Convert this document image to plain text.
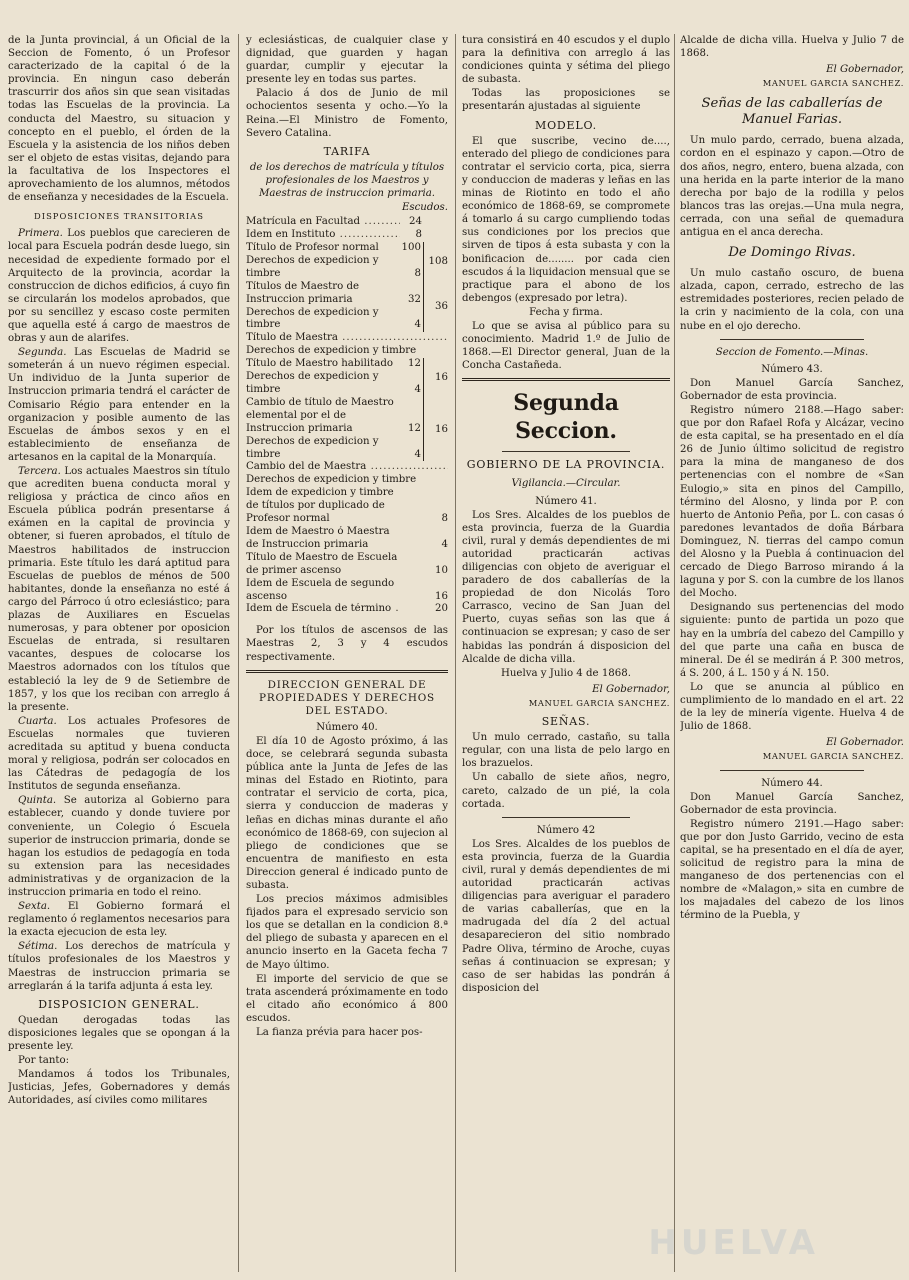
de la Junta provincial, á un Oficial de la Seccion de Fomento, ó un Profesor caracterizado de la capital ó de la provincia. En ningun caso deberán trascurrir dos años sin que sean visitadas todas las Escuelas de la provincia. La conducta del Maestro, su situacion y concepto en el pueblo, el órden de la Escuela y la asistencia de los niños deben ser el objeto de estas visitas, dejando para la facultativa de los Inspectores el aprovechamiento de los alumnos, métodos de enseñanza y necesidades de la Escuela.

DISPOSICIONES TRANSITORIAS

Primera. Los pueblos que carecieren de local para Escuela podrán desde luego, sin necesidad de expediente formado por el Arquitecto de la provincia, acordar la construccion de dichos edificios, á cuyo fin se circularán los modelos aprobados, que por su sencillez y escaso coste permiten que aquella esté á cargo de maestros de obras y aun de alarifes.

Segunda. Las Escuelas de Madrid se someterán á un nuevo régimen especial. Un individuo de la Junta superior de Instruccion primaria tendrá el carácter de Comisario Régio para entender en la organizacion y posible aumento de las Escuelas de ámbos sexos y en el establecimiento de enseñanza de artesanos en la capital de la Monarquía.

Tercera. Los actuales Maestros sin título que acrediten buena conducta moral y religiosa y práctica de cinco años en Escuela pública podrán presentarse á exámen en la capital de provincia y obtener, si fueren aprobados, el título de Maestros habilitados de instruccion primaria. Este título les dará aptitud para Escuelas de pueblos de ménos de 500 habitantes, donde la enseñanza no esté á cargo del Párroco ú otro eclesiástico; para plazas de Auxiliares en Escuelas numerosas, y para obtener por oposicion Escuelas de entrada, si resultaren vacantes, despues de colocarse los Maestros adornados con los títulos que estableció la ley de 9 de Setiembre de 1857, y los que los reciban con arreglo á la presente.

Cuarta. Los actuales Profesores de Escuelas normales que tuvieren acreditada su aptitud y buena conducta moral y religiosa, podrán ser colocados en las Cátedras de pedagogía de los Institutos de segunda enseñanza.

Quinta. Se autoriza al Gobierno para establecer, cuando y donde tuviere por conveniente, un Colegio ó Escuela superior de instruccion primaria, donde se hagan los estudios de pedagogía en toda su extension para las necesidades administrativas y de organizacion de la instruccion primaria en todo el reino.

Sexta. El Gobierno formará el reglamento ó reglamentos necesarios para la exacta ejecucion de esta ley.

Sétima. Los derechos de matrícula y títulos profesionales de los Maestros y Maestras de instruccion primaria se arreglarán á la tarifa adjunta á esta ley.

DISPOSICION GENERAL.

Quedan derogadas todas las disposiciones legales que se opongan á la presente ley.

Por tanto:

Mandamos á todos los Tribunales, Justicias, Jefes, Gobernadores y demás Autoridades, así civiles como militares

y eclesiásticas, de cualquier clase y dignidad, que guarden y hagan guardar, cumplir y ejecutar la presente ley en todas sus partes.

Palacio á dos de Junio de mil ochocientos sesenta y ocho.—Yo la Reina.—El Ministro de Fomento, Severo Catalina.

TARIFA

de los derechos de matrícula y títulos profesionales de los Maestros y Maestras de instruccion primaria.

Escudos.

Matrícula en Facultad .....	24
Idem en Instituto .....	8
Título de Profesor normal	100
Derechos de expedicion y timbre	8
108
Títulos de Maestro de Instruccion primaria	32
Derechos de expedicion y timbre	4
36
Título de Maestra .....
Derechos de expedicion y timbre
Título de Maestro habilitado	12
Derechos de expedicion y timbre	4
16
Cambio de título de Maestro elemental por el de Instruccion primaria	12
Derechos de expedicion y timbre	4
16
Cambio del de Maestra .....
Derechos de expedicion y timbre
Idem de expedicion y timbre de títulos por duplicado de Profesor normal	8
Idem de Maestro ó Maestra de Instruccion primaria	4
Título de Maestro de Escuela de primer ascenso	10
Idem de Escuela de segundo ascenso	16
Idem de Escuela de término .....	20

Por los títulos de ascensos de las Maestras 2, 3 y 4 escudos respectivamente.

DIRECCION GENERAL DE PROPIEDADES Y DERECHOS DEL ESTADO.

Número 40.

El día 10 de Agosto próximo, á las doce, se celebrará segunda subasta pública ante la Junta de Jefes de las minas del Estado en Riotinto, para contratar el servicio de corta, pica, sierra y conduccion de maderas y leñas en dichas minas durante el año económico de 1868-69, con sujecion al pliego de condiciones que se encuentra de manifiesto en esta Direccion general é indicado punto de subasta.

Los precios máximos admisibles fijados para el expresado servicio son los que se detallan en la condicion 8.ª del pliego de subasta y aparecen en el anuncio inserto en la Gaceta fecha 7 de Mayo último.

El importe del servicio de que se trata ascenderá próximamente en todo el citado año económico á 800 escudos.

La fianza prévia para hacer pos-

tura consistirá en 40 escudos y el duplo para la definitiva con arreglo á las condiciones quinta y sétima del pliego de subasta.

Todas las proposiciones se presentarán ajustadas al siguiente

MODELO.

El que suscribe, vecino de...., enterado del pliego de condiciones para contratar el servicio corta, pica, sierra y conduccion de maderas y leñas en las minas de Riotinto en todo el año económico de 1868-69, se compromete á tomarlo á su cargo cumpliendo todas sus condiciones por los precios que sirven de tipos á esta subasta y con la bonificacion de........ por cada cien escudos á la liquidacion mensual que se practique para el abono de los debengos (expresado por letra).

Fecha y firma.

Lo que se avisa al público para su conocimiento. Madrid 1.º de Julio de 1868.—El Director general, Juan de la Concha Castañeda.

Segunda Seccion.

GOBIERNO DE LA PROVINCIA.

Vigilancia.—Circular.

Número 41.

Los Sres. Alcaldes de los pueblos de esta provincia, fuerza de la Guardia civil, rural y demás dependientes de mi autoridad practicarán activas diligencias con objeto de averiguar el paradero de dos caballerías de la propiedad de don Nicolás Toro Carrasco, vecino de San Juan del Puerto, cuyas señas son las que á continuacion se expresan; y caso de ser habidas las pondrán á disposicion del Alcalde de dicha villa.

Huelva y Julio 4 de 1868.

El Gobernador,

MANUEL GARCIA SANCHEZ.

SEÑAS.

Un mulo cerrado, castaño, su talla regular, con una lista de pelo largo en los brazuelos.

Un caballo de siete años, negro, careto, calzado de un pié, la cola cortada.

Número 42

Los Sres. Alcaldes de los pueblos de esta provincia, fuerza de la Guardia civil, rural y demás dependientes de mi autoridad practicarán activas diligencias para averiguar el paradero de varias caballerías, que en la madrugada del día 2 del actual desaparecieron del sitio nombrado Padre Oliva, término de Aroche, cuyas señas á continuacion se expresan; y caso de ser habidas las pondrán á disposicion del

Alcalde de dicha villa. Huelva y Julio 7 de 1868.

El Gobernador,

MANUEL GARCIA SANCHEZ.

Señas de las caballerías de Manuel Farias.

Un mulo pardo, cerrado, buena alzada, cordon en el espinazo y capon.—Otro de dos años, negro, entero, buena alzada, con una herida en la parte interior de la mano derecha por bajo de la rodilla y pelos blancos tras las orejas.—Una mula negra, cerrada, con una señal de quemadura antigua en el anca derecha.

De Domingo Rivas.

Un mulo castaño oscuro, de buena alzada, capon, cerrado, estrecho de las estremidades posteriores, recien pelado de la crin y nacimiento de la cola, con una nube en el ojo derecho.

Seccion de Fomento.—Minas.

Número 43.

Don Manuel García Sanchez, Gobernador de esta provincia.

Registro número 2188.—Hago saber: que por don Rafael Rofa y Alcázar, vecino de esta capital, se ha presentado en el día 26 de Junio último solicitud de registro para la mina de manganeso de dos pertenencias con el nombre de «San Eulogio,» sita en pinos del Campillo, término del Alosno, y linda por P. con huerto de Antonio Peña, por L. con casas ó paredones levantados de doña Bárbara Dominguez, N. tierras del campo comun del Alosno y la Puebla á continuacion del cercado de Diego Barroso mirando á la laguna y por S. con la cumbre de los llanos del Mocho.

Designando sus pertenencias del modo siguiente: punto de partida un pozo que hay en la umbría del cabezo del Campillo y del que parte una caña en busca de mineral. De él se medirán á P. 300 metros, á S. 200, á L. 150 y á N. 150.

Lo que se anuncia al público en cumplimiento de lo mandado en el art. 22 de la ley de minería vigente. Huelva 4 de Julio de 1868.

El Gobernador.

MANUEL GARCIA SANCHEZ.

Número 44.

Don Manuel García Sanchez, Gobernador de esta provincia.

Registro número 2191.—Hago saber: que por don Justo Garrido, vecino de esta capital, se ha presentado en el día de ayer, solicitud de registro para la mina de manganeso de dos pertenencias con el nombre de «Malagon,» sita en cumbre de los majadales del cabezo de los linos término de la Puebla, y

HUELVA
